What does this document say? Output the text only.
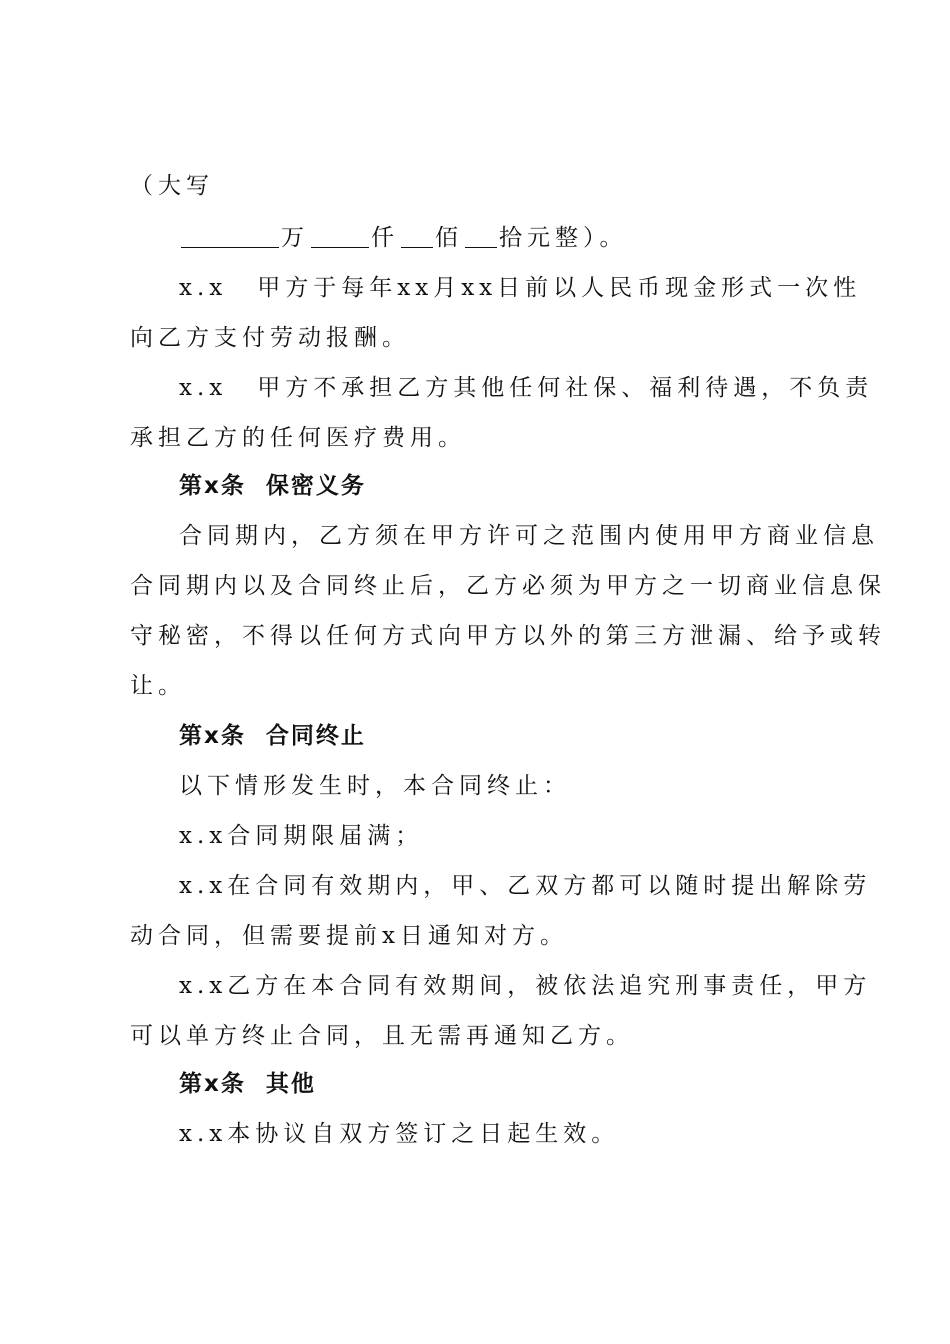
（大写
万	仟 佰 拾元整）。
x.x 甲方于每年xx月xx日前以人民币现金形式一次性
向乙方支付劳动报酬。
x.x 甲方不承担乙方其他任何社保、福利待遇，不负责
承担乙方的任何医疗费用。
第x条 保密义务
合同期内，乙方须在甲方许可之范围内使用甲方商业信息
合同期内以及合同终止后，乙方必须为甲方之一切商业信息保
守秘密，不得以任何方式向甲方以外的第三方泄漏、给予或转
让。
第x条 合同终止
以下情形发生时，本合同终止：
x.x合同期限届满；
x.x在合同有效期内，甲、乙双方都可以随时提出解除劳
动合同，但需要提前x日通知对方。
x.x乙方在本合同有效期间，被依法追究刑事责任，甲方
可以单方终止合同，且无需再通知乙方。
第x条 其他
x.x本协议自双方签订之日起生效。
